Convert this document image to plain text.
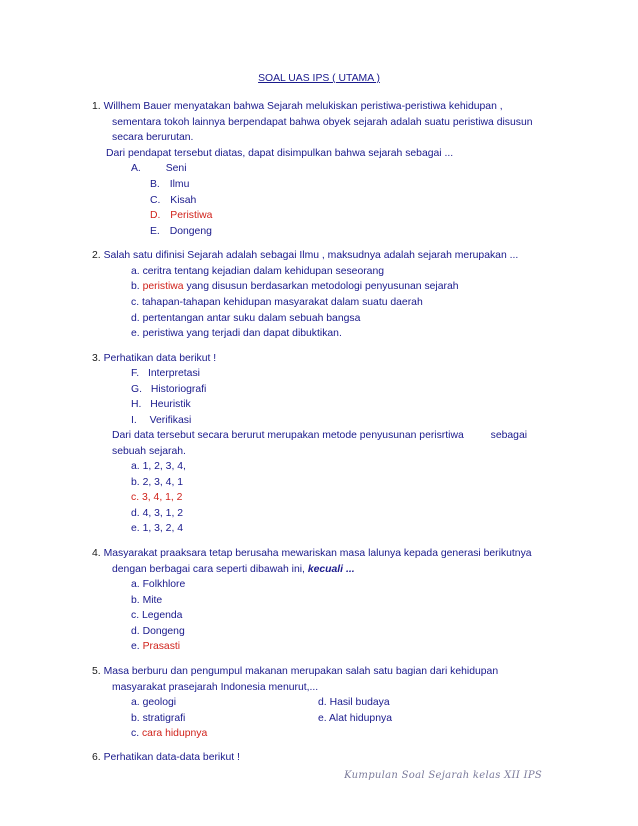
SOAL UAS IPS ( UTAMA )
1. Willhem Bauer menyatakan bahwa Sejarah melukiskan peristiwa-peristiwa kehidupan ,
sementara tokoh lainnya berpendapat bahwa obyek sejarah adalah suatu peristiwa disusun
secara berurutan.
Dari pendapat tersebut diatas, dapat disimpulkan bahwa sejarah sebagai ...
A. Seni
B. Ilmu
C. Kisah
D. Peristiwa
E. Dongeng
2. Salah satu difinisi Sejarah adalah sebagai Ilmu , maksudnya adalah sejarah merupakan ...
a. ceritra tentang kejadian dalam kehidupan seseorang
b. peristiwa yang disusun berdasarkan metodologi penyusunan sejarah
c. tahapan-tahapan kehidupan masyarakat dalam suatu daerah
d. pertentangan antar suku dalam sebuah bangsa
e. peristiwa yang terjadi dan dapat dibuktikan.
3. Perhatikan data berikut !
F. Interpretasi
G. Historiografi
H. Heuristik
I. Verifikasi
Dari data tersebut secara berurut merupakan metode penyusunan perisrtiwa	sebagai
sebuah sejarah.
a. 1, 2, 3, 4,
b. 2, 3, 4, 1
c. 3, 4, 1, 2
d. 4, 3, 1, 2
e. 1, 3, 2, 4
4. Masyarakat praaksara tetap berusaha mewariskan masa lalunya kepada generasi berikutnya
dengan berbagai cara seperti dibawah ini, kecuali ...
a. Folkhlore
b. Mite
c. Legenda
d. Dongeng
e. Prasasti
5. Masa berburu dan pengumpul makanan merupakan salah satu bagian dari kehidupan
masyarakat prasejarah Indonesia menurut,...
a. geologi	d. Hasil budaya
b. stratigrafi	e. Alat hidupnya
c. cara hidupnya
6. Perhatikan data-data berikut !
Kumpulan Soal Sejarah kelas XII IPS
